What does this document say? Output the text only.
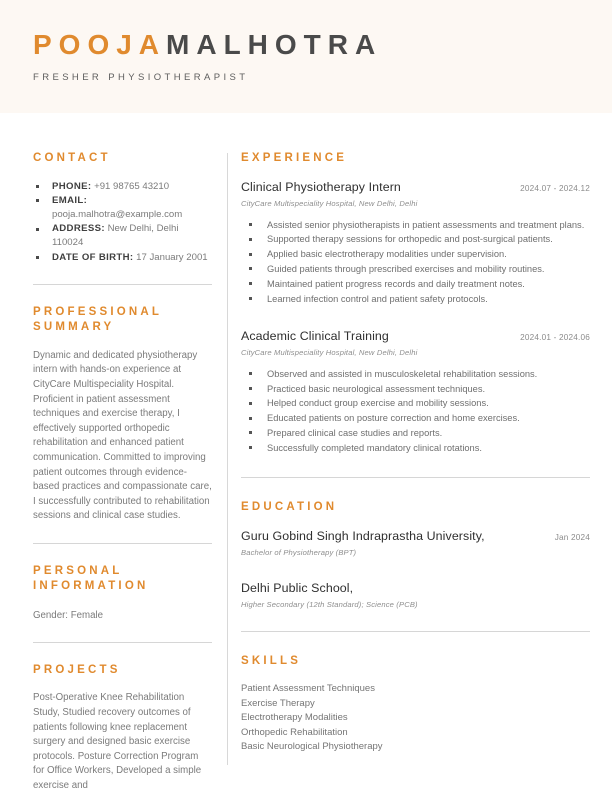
POOJAMALHOTRA
FRESHER PHYSIOTHERAPIST
CONTACT
PHONE: +91 98765 43210
EMAIL: pooja.malhotra@example.com
ADDRESS: New Delhi, Delhi 110024
DATE OF BIRTH: 17 January 2001
PROFESSIONAL SUMMARY

Dynamic and dedicated physiotherapy intern with hands-on experience at CityCare Multispeciality Hospital. Proficient in patient assessment techniques and exercise therapy, I effectively supported orthopedic rehabilitation and enhanced patient communication. Committed to improving patient outcomes through evidence-based practices and compassionate care, I successfully contributed to rehabilitation sessions and clinical case studies.

PERSONAL INFORMATION

Gender: Female

PROJECTS

Post-Operative Knee Rehabilitation Study, Studied recovery outcomes of patients following knee replacement surgery and designed basic exercise protocols. Posture Correction Program for Office Workers, Developed a simple exercise and

EXPERIENCE
Clinical Physiotherapy Intern	2024.07 - 2024.12
CityCare Multispeciality Hospital, New Delhi, Delhi
Assisted senior physiotherapists in patient assessments and treatment plans.
Supported therapy sessions for orthopedic and post-surgical patients.
Applied basic electrotherapy modalities under supervision.
Guided patients through prescribed exercises and mobility routines.
Maintained patient progress records and daily treatment notes.
Learned infection control and patient safety protocols.
Academic Clinical Training	2024.01 - 2024.06
CityCare Multispeciality Hospital, New Delhi, Delhi
Observed and assisted in musculoskeletal rehabilitation sessions.
Practiced basic neurological assessment techniques.
Helped conduct group exercise and mobility sessions.
Educated patients on posture correction and home exercises.
Prepared clinical case studies and reports.
Successfully completed mandatory clinical rotations.
EDUCATION
Guru Gobind Singh Indraprastha University,	Jan 2024
Bachelor of Physiotherapy (BPT)
Delhi Public School,
Higher Secondary (12th Standard); Science (PCB)
SKILLS
Patient Assessment Techniques
Exercise Therapy
Electrotherapy Modalities
Orthopedic Rehabilitation
Basic Neurological Physiotherapy
